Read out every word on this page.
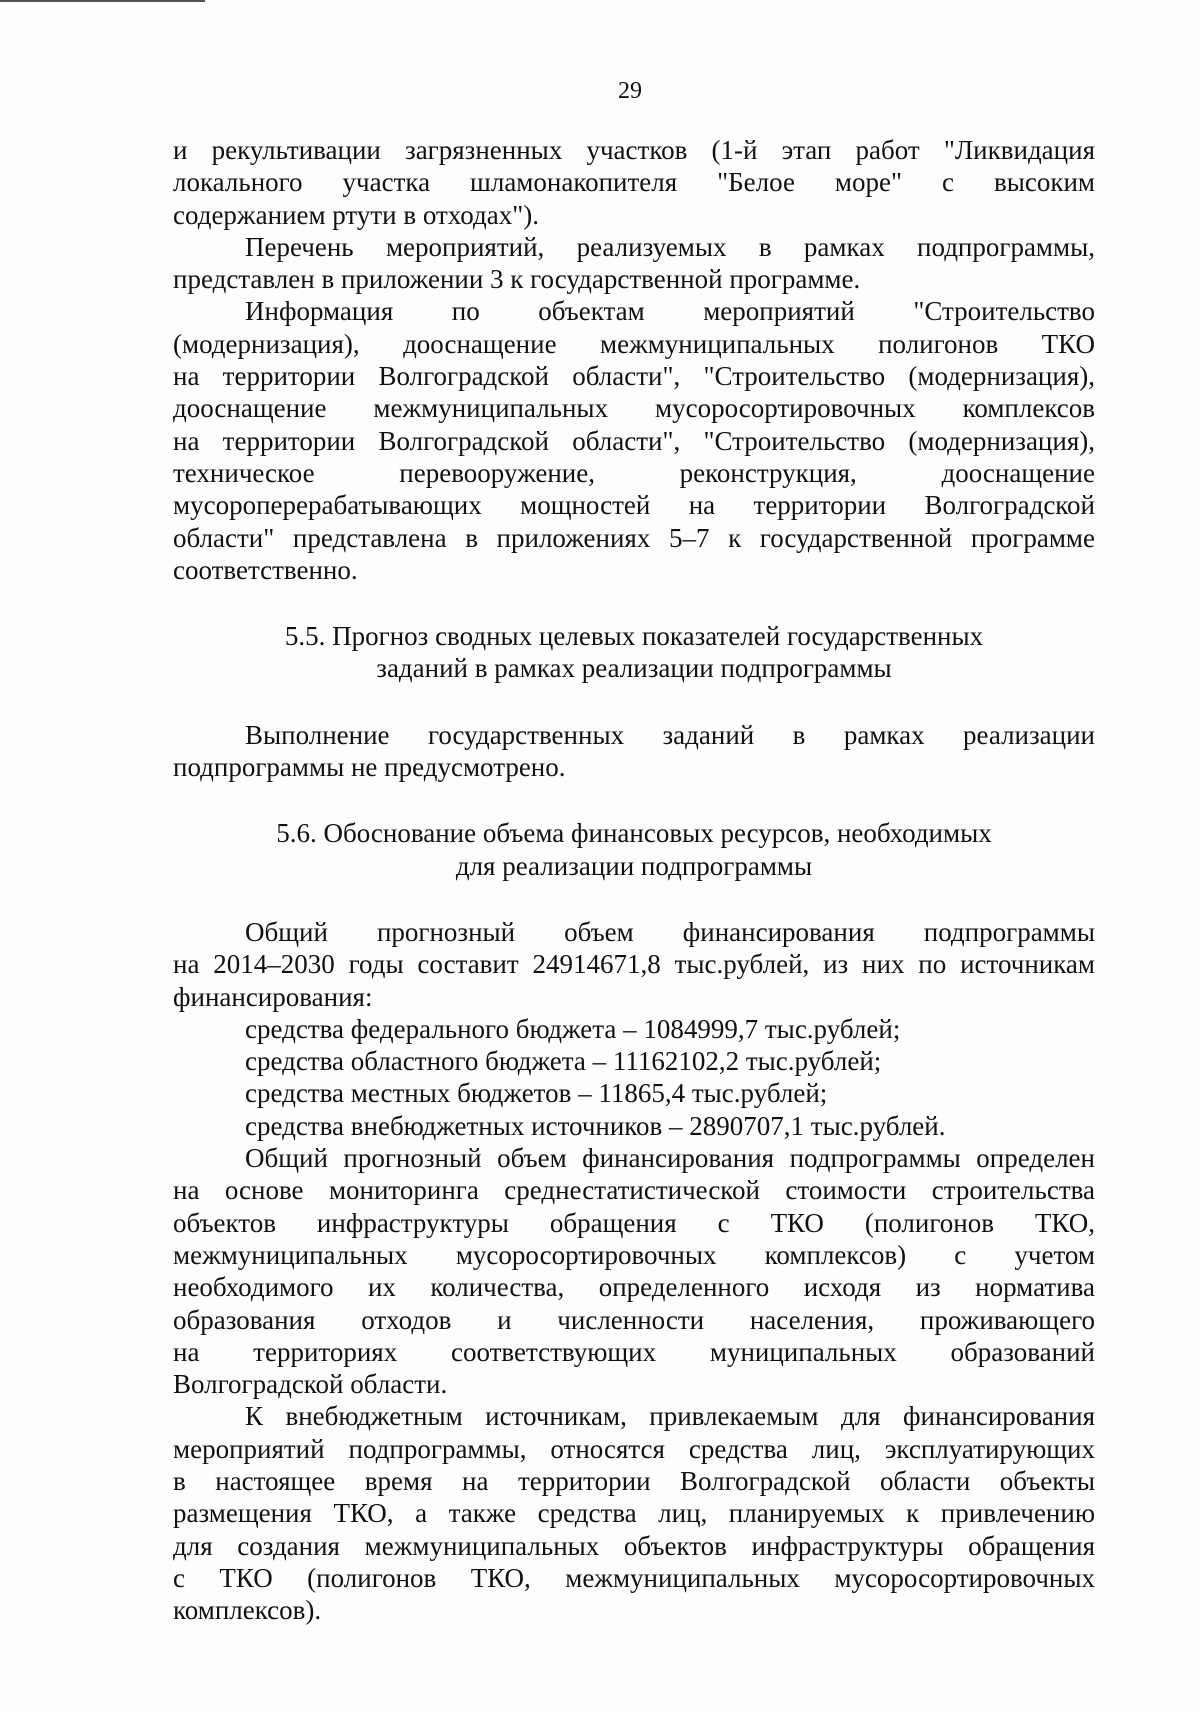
29

и рекультивации загрязненных участков (1-й этап работ "Ликвидация

локального участка шламонакопителя "Белое море" с высоким

содержанием ртути в отходах").

Перечень мероприятий, реализуемых в рамках подпрограммы,

представлен в приложении 3 к государственной программе.

Информация по объектам мероприятий "Строительство

(модернизация), дооснащение межмуниципальных полигонов ТКО

на территории Волгоградской области", "Строительство (модернизация),

дооснащение межмуниципальных мусоросортировочных комплексов

на территории Волгоградской области", "Строительство (модернизация),

техническое перевооружение, реконструкция, дооснащение

мусороперерабатывающих мощностей на территории Волгоградской

области" представлена в приложениях 5–7 к государственной программе

соответственно.

5.5. Прогноз сводных целевых показателей государственных

заданий в рамках реализации подпрограммы

Выполнение государственных заданий в рамках реализации

подпрограммы не предусмотрено.

5.6. Обоснование объема финансовых ресурсов, необходимых

для реализации подпрограммы

Общий прогнозный объем финансирования подпрограммы

на 2014–2030 годы составит 24914671,8 тыс.рублей, из них по источникам

финансирования:

средства федерального бюджета – 1084999,7 тыс.рублей;

средства областного бюджета – 11162102,2 тыс.рублей;

средства местных бюджетов – 11865,4 тыс.рублей;

средства внебюджетных источников – 2890707,1 тыс.рублей.

Общий прогнозный объем финансирования подпрограммы определен

на основе мониторинга среднестатистической стоимости строительства

объектов инфраструктуры обращения с ТКО (полигонов ТКО,

межмуниципальных мусоросортировочных комплексов) с учетом

необходимого их количества, определенного исходя из норматива

образования отходов и численности населения, проживающего

на территориях соответствующих муниципальных образований

Волгоградской области.

К внебюджетным источникам, привлекаемым для финансирования

мероприятий подпрограммы, относятся средства лиц, эксплуатирующих

в настоящее время на территории Волгоградской области объекты

размещения ТКО, а также средства лиц, планируемых к привлечению

для создания межмуниципальных объектов инфраструктуры обращения

с ТКО (полигонов ТКО, межмуниципальных мусоросортировочных

комплексов).
